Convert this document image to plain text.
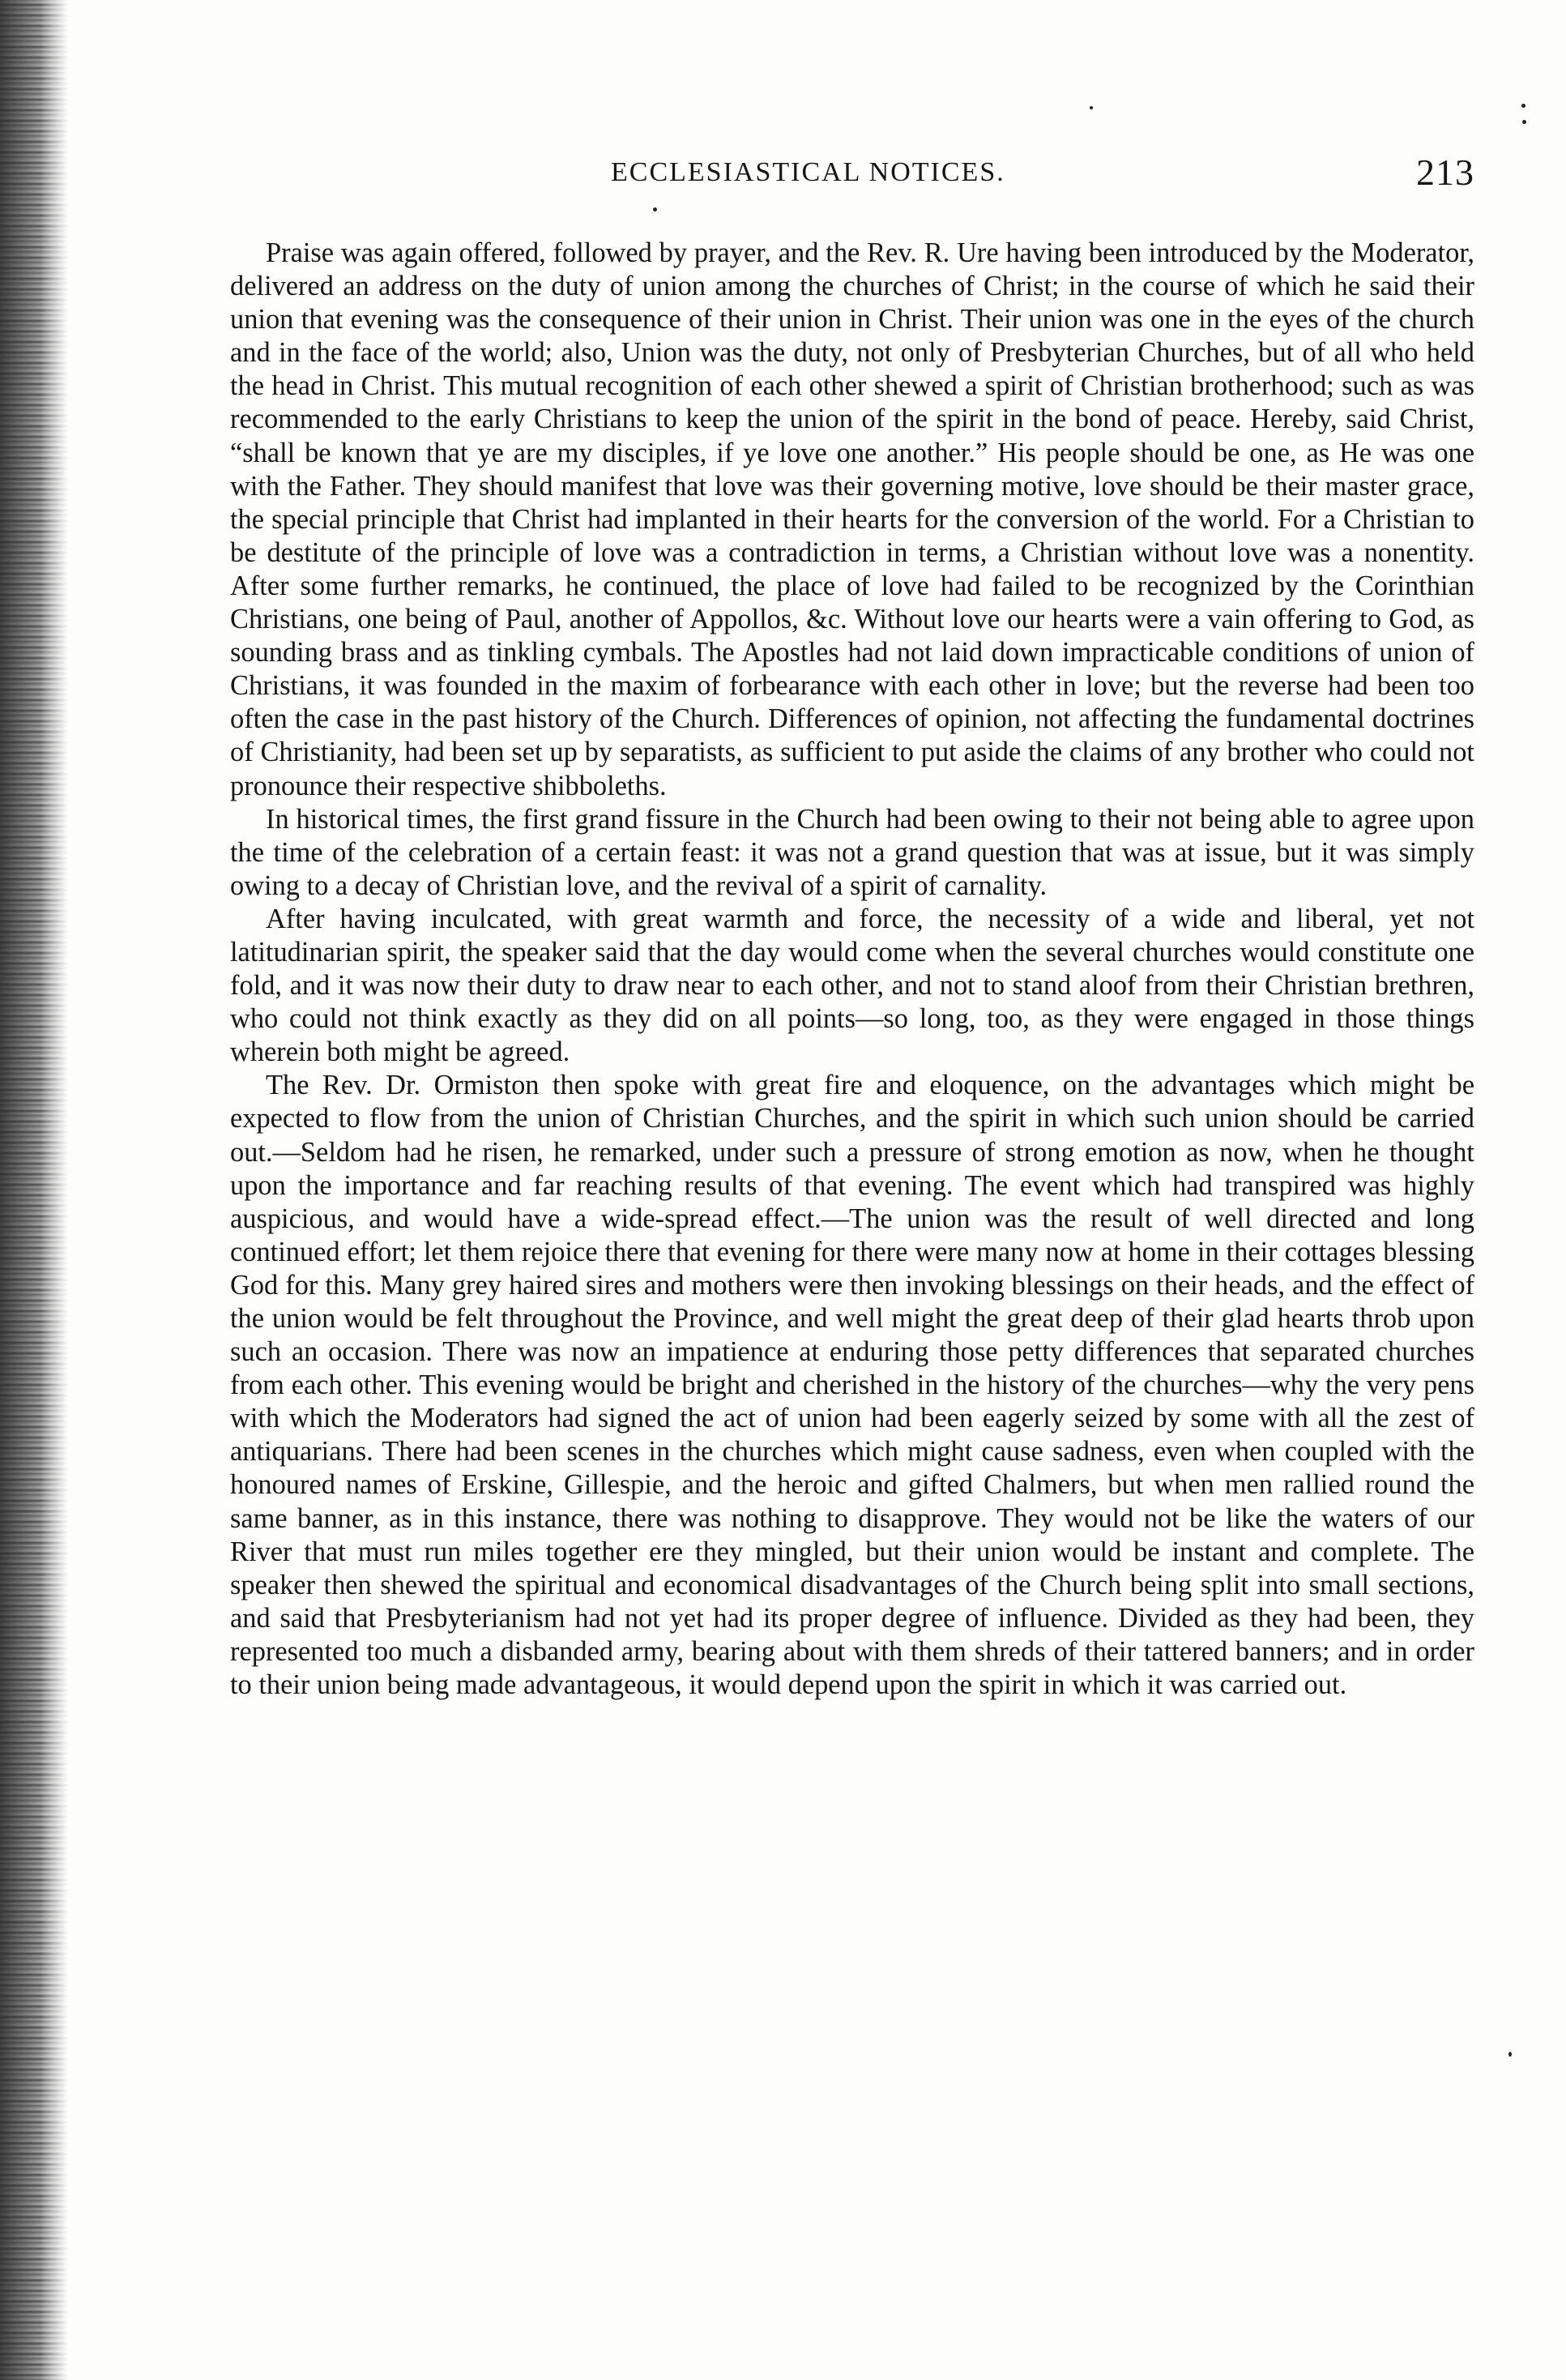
ECCLESIASTICAL NOTICES.	213

Praise was again offered, followed by prayer, and the Rev. R. Ure having been introduced by the Moderator, delivered an address on the duty of union among the churches of Christ; in the course of which he said their union that evening was the consequence of their union in Christ. Their union was one in the eyes of the church and in the face of the world; also, Union was the duty, not only of Presbyterian Churches, but of all who held the head in Christ. This mutual recognition of each other shewed a spirit of Christian brotherhood; such as was recommended to the early Christians to keep the union of the spirit in the bond of peace. Hereby, said Christ, “shall be known that ye are my disciples, if ye love one another.” His people should be one, as He was one with the Father. They should manifest that love was their governing motive, love should be their master grace, the special principle that Christ had implanted in their hearts for the conversion of the world. For a Christian to be destitute of the principle of love was a contradiction in terms, a Christian without love was a nonentity. After some further remarks, he continued, the place of love had failed to be recognized by the Corinthian Christians, one being of Paul, another of Appollos, &c. Without love our hearts were a vain offering to God, as sounding brass and as tinkling cymbals. The Apostles had not laid down impracticable conditions of union of Christians, it was founded in the maxim of forbearance with each other in love; but the reverse had been too often the case in the past history of the Church. Differences of opinion, not affecting the fundamental doctrines of Christianity, had been set up by separatists, as sufficient to put aside the claims of any brother who could not pronounce their respective shibboleths.

In historical times, the first grand fissure in the Church had been owing to their not being able to agree upon the time of the celebration of a certain feast: it was not a grand question that was at issue, but it was simply owing to a decay of Christian love, and the revival of a spirit of carnality.

After having inculcated, with great warmth and force, the necessity of a wide and liberal, yet not latitudinarian spirit, the speaker said that the day would come when the several churches would constitute one fold, and it was now their duty to draw near to each other, and not to stand aloof from their Christian brethren, who could not think exactly as they did on all points—so long, too, as they were engaged in those things wherein both might be agreed.

The Rev. Dr. Ormiston then spoke with great fire and eloquence, on the advantages which might be expected to flow from the union of Christian Churches, and the spirit in which such union should be carried out.—Seldom had he risen, he remarked, under such a pressure of strong emotion as now, when he thought upon the importance and far reaching results of that evening. The event which had transpired was highly auspicious, and would have a wide-spread effect.—The union was the result of well directed and long continued effort; let them rejoice there that evening for there were many now at home in their cottages blessing God for this. Many grey haired sires and mothers were then invoking blessings on their heads, and the effect of the union would be felt throughout the Province, and well might the great deep of their glad hearts throb upon such an occasion. There was now an impatience at enduring those petty differences that separated churches from each other. This evening would be bright and cherished in the history of the churches—why the very pens with which the Moderators had signed the act of union had been eagerly seized by some with all the zest of antiquarians. There had been scenes in the churches which might cause sadness, even when coupled with the honoured names of Erskine, Gillespie, and the heroic and gifted Chalmers, but when men rallied round the same banner, as in this instance, there was nothing to disapprove. They would not be like the waters of our River that must run miles together ere they mingled, but their union would be instant and complete. The speaker then shewed the spiritual and economical disadvantages of the Church being split into small sections, and said that Presbyterianism had not yet had its proper degree of influence. Divided as they had been, they represented too much a disbanded army, bearing about with them shreds of their tattered banners; and in order to their union being made advantageous, it would depend upon the spirit in which it was carried out.
